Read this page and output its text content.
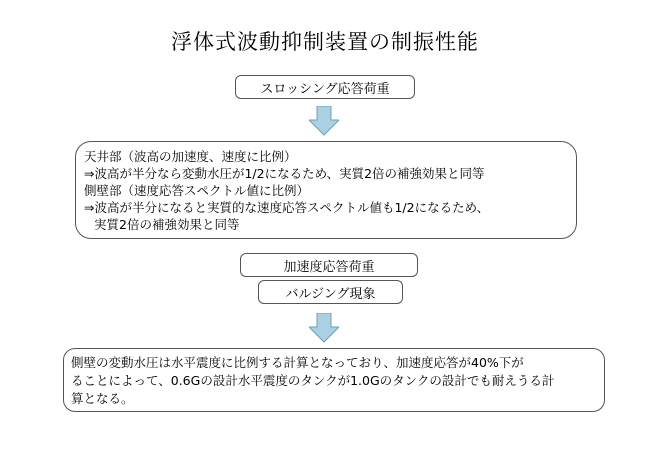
浮体式波動抑制装置の制振性能
スロッシング応答荷重
天井部（波高の加速度、速度に比例）
⇒波高が半分なら変動水圧が1/2になるため、実質2倍の補強効果と同等
側壁部（速度応答スペクトル値に比例）
⇒波高が半分になると実質的な速度応答スペクトル値も1/2になるため、
実質2倍の補強効果と同等
加速度応答荷重
バルジング現象
側壁の変動水圧は水平震度に比例する計算となっており、加速度応答が40%下が
ることによって、0.6Gの設計水平震度のタンクが1.0Gのタンクの設計でも耐えうる計
算となる。
